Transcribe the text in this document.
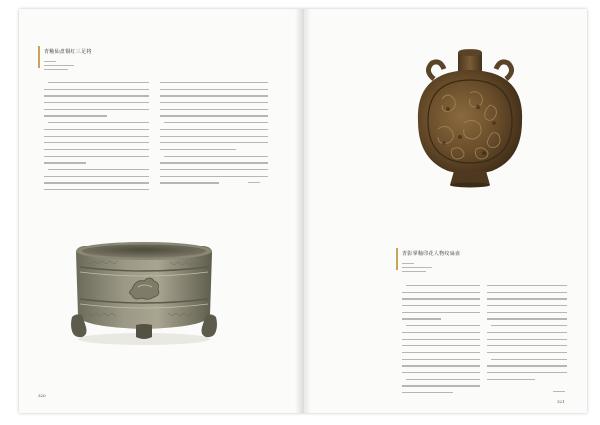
青釉仙盘铜红三足将
320
青影掌釉印花人物纹扁壶
321
